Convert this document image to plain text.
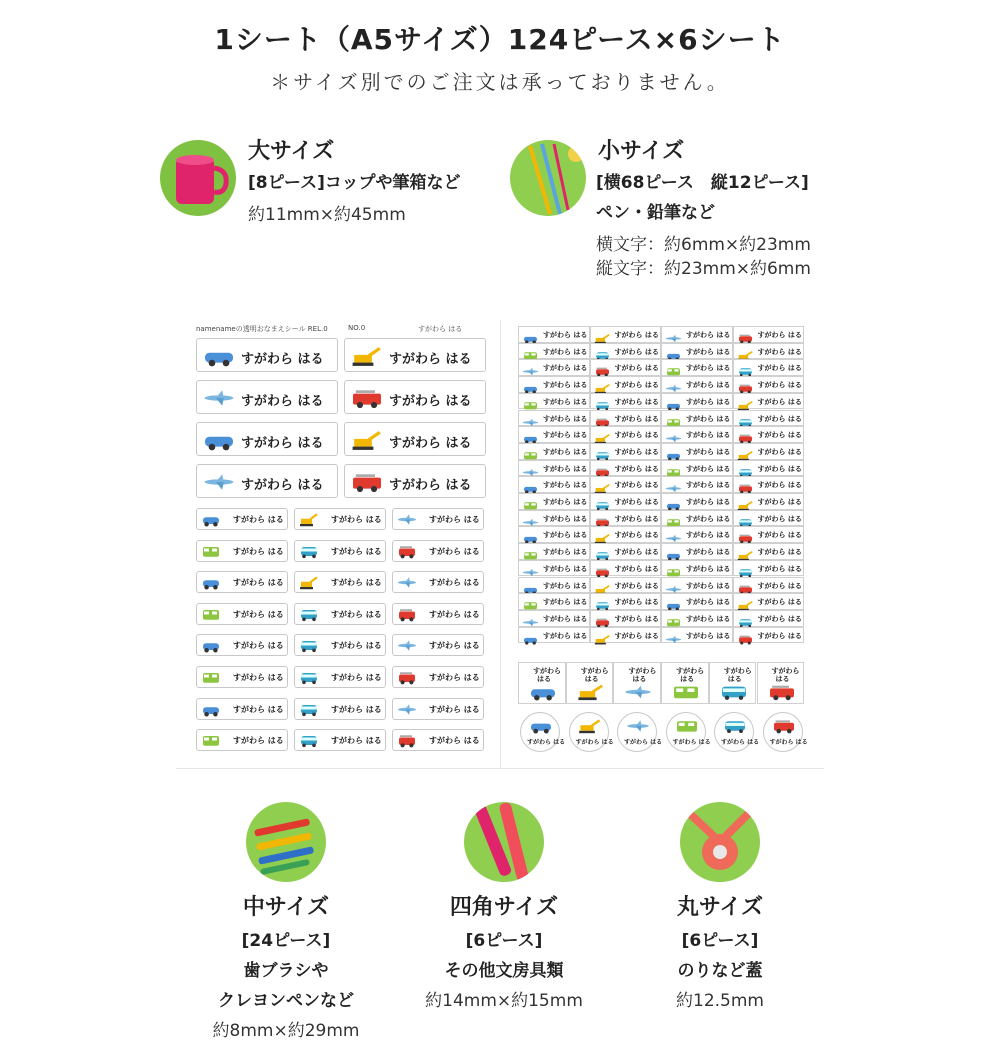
1シート（A5サイズ）124ピース×6シート
＊サイズ別でのご注文は承っておりません。
大サイズ
[8ピース]コップや筆箱など
約11mm×約45mm
小サイズ
[横68ピース　縦12ピース]
ペン・鉛筆など
横文字：約6mm×約23mm
縦文字：約23mm×約6mm
namenameの透明おなまえシール REL.0	NO.0	すがわら はる
すがわら はる	すがわら はる
すがわら はる	すがわら はる
すがわら はる	すがわら はる
すがわら はる	すがわら はる
すがわら はる	すがわら はる	すがわら はる
すがわら はる	すがわら はる	すがわら はる
すがわら はる	すがわら はる	すがわら はる
すがわら はる	すがわら はる	すがわら はる
すがわら はる	すがわら はる	すがわら はる
すがわら はる	すがわら はる	すがわら はる
すがわら はる	すがわら はる	すがわら はる
すがわら はる	すがわら はる	すがわら はる
すがわら はる	すがわら はる	すがわら はる	すがわら はる
すがわら はる	すがわら はる	すがわら はる	すがわら はる
すがわら はる	すがわら はる	すがわら はる	すがわら はる
すがわら はる	すがわら はる	すがわら はる	すがわら はる
すがわら はる	すがわら はる	すがわら はる	すがわら はる
すがわら はる	すがわら はる	すがわら はる	すがわら はる
すがわら はる	すがわら はる	すがわら はる	すがわら はる
すがわら はる	すがわら はる	すがわら はる	すがわら はる
すがわら はる	すがわら はる	すがわら はる	すがわら はる
すがわら はる	すがわら はる	すがわら はる	すがわら はる
すがわら はる	すがわら はる	すがわら はる	すがわら はる
すがわら はる	すがわら はる	すがわら はる	すがわら はる
すがわら はる	すがわら はる	すがわら はる	すがわら はる
すがわら はる	すがわら はる	すがわら はる	すがわら はる
すがわら はる	すがわら はる	すがわら はる	すがわら はる
すがわら はる	すがわら はる	すがわら はる	すがわら はる
すがわら はる	すがわら はる	すがわら はる	すがわら はる
すがわら はる	すがわら はる	すがわら はる	すがわら はる
すがわら はる	すがわら はる	すがわら はる	すがわら はる
すがわら
はる
すがわら
はる
すがわら
はる
すがわら
はる
すがわら
はる
すがわら
はる
すがわら はる すがわら はる すがわら はる すがわら はる すがわら はる すがわら はる
中サイズ
[24ピース]
歯ブラシや
クレヨンペンなど
約8mm×約29mm
四角サイズ
[6ピース]
その他文房具類
約14mm×約15mm
丸サイズ
[6ピース]
のりなど蓋
約12.5mm
